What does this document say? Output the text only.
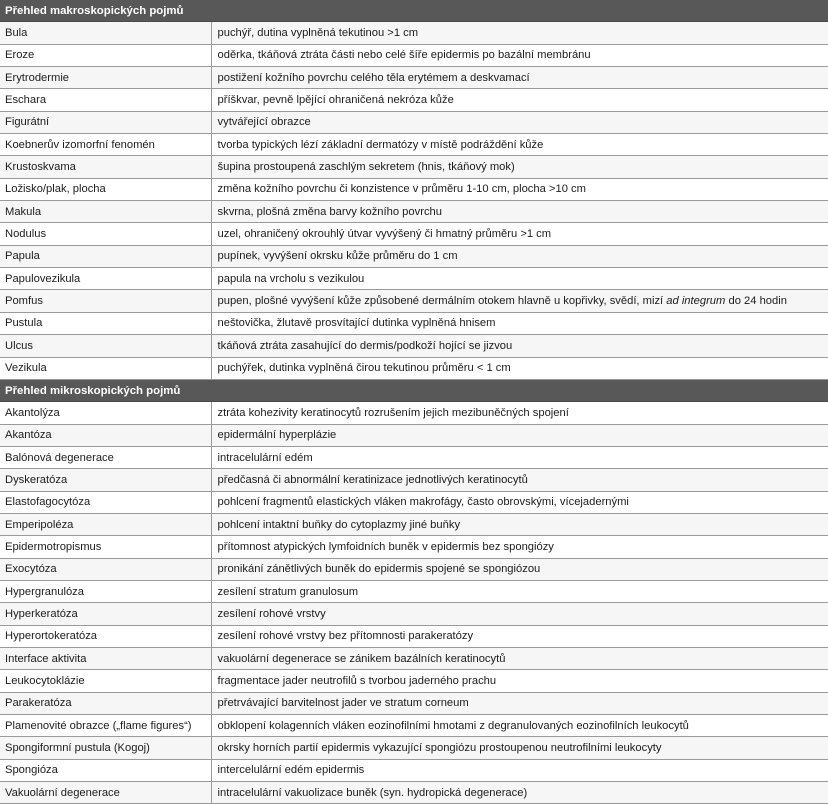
Přehled makroskopických pojmů	
Bula	puchýř, dutina vyplněná tekutinou >1 cm
Eroze	oděrka, tkáňová ztráta části nebo celé šíře epidermis po bazální membránu
Erytrodermie	postižení kožního povrchu celého těla erytémem a deskvamací
Eschara	příškvar, pevně lpějící ohraničená nekróza kůže
Figurátní	vytvářející obrazce
Koebnerův izomorfní fenomén	tvorba typických lézí základní dermatózy v místě podráždění kůže
Krustoskvama	šupina prostoupená zaschlým sekretem (hnis, tkáňový mok)
Ložisko/plak, plocha	změna kožního povrchu či konzistence v průměru 1-10 cm, plocha >10 cm
Makula	skvrna, plošná změna barvy kožního povrchu
Nodulus	uzel, ohraničený okrouhlý útvar vyvýšený či hmatný průměru >1 cm
Papula	pupínek, vyvýšení okrsku kůže průměru do 1 cm
Papulovezikula	papula na vrcholu s vezikulou
Pomfus	pupen, plošné vyvýšení kůže způsobené dermálním otokem hlavně u kopřivky, svědí, mizí ad integrum do 24 hodin
Pustula	neštovička, žlutavě prosvítající dutinka vyplněná hnisem
Ulcus	tkáňová ztráta zasahující do dermis/podkoží hojící se jizvou
Vezikula	puchýřek, dutinka vyplněná čirou tekutinou průměru < 1 cm
Přehled mikroskopických pojmů	
Akantolýza	ztráta kohezivity keratinocytů rozrušením jejich mezibuněčných spojení
Akantóza	epidermální hyperplázie
Balónová degenerace	intracelulární edém
Dyskeratóza	předčasná či abnormální keratinizace jednotlivých keratinocytů
Elastofagocytóza	pohlcení fragmentů elastických vláken makrofágy, často obrovskými, vícejadernými
Emperipoléza	pohlcení intaktní buňky do cytoplazmy jiné buňky
Epidermotropismus	přítomnost atypických lymfoidních buněk v epidermis bez spongiózy
Exocytóza	pronikání zánětlivých buněk do epidermis spojené se spongiózou
Hypergranulóza	zesílení stratum granulosum
Hyperkeratóza	zesílení rohové vrstvy
Hyperortokeratóza	zesílení rohové vrstvy bez přítomnosti parakeratózy
Interface aktivita	vakuolární degenerace se zánikem bazálních keratinocytů
Leukocytoklázie	fragmentace jader neutrofilů s tvorbou jaderného prachu
Parakeratóza	přetrvávající barvitelnost jader ve stratum corneum
Plamenovité obrazce („flame figures“)	obklopení kolagenních vláken eozinofilními hmotami z degranulovaných eozinofilních leukocytů
Spongiformní pustula (Kogoj)	okrsky horních partií epidermis vykazující spongiózu prostoupenou neutrofilními leukocyty
Spongióza	intercelulární edém epidermis
Vakuolární degenerace	intracelulární vakuolizace buněk (syn. hydropická degenerace)
